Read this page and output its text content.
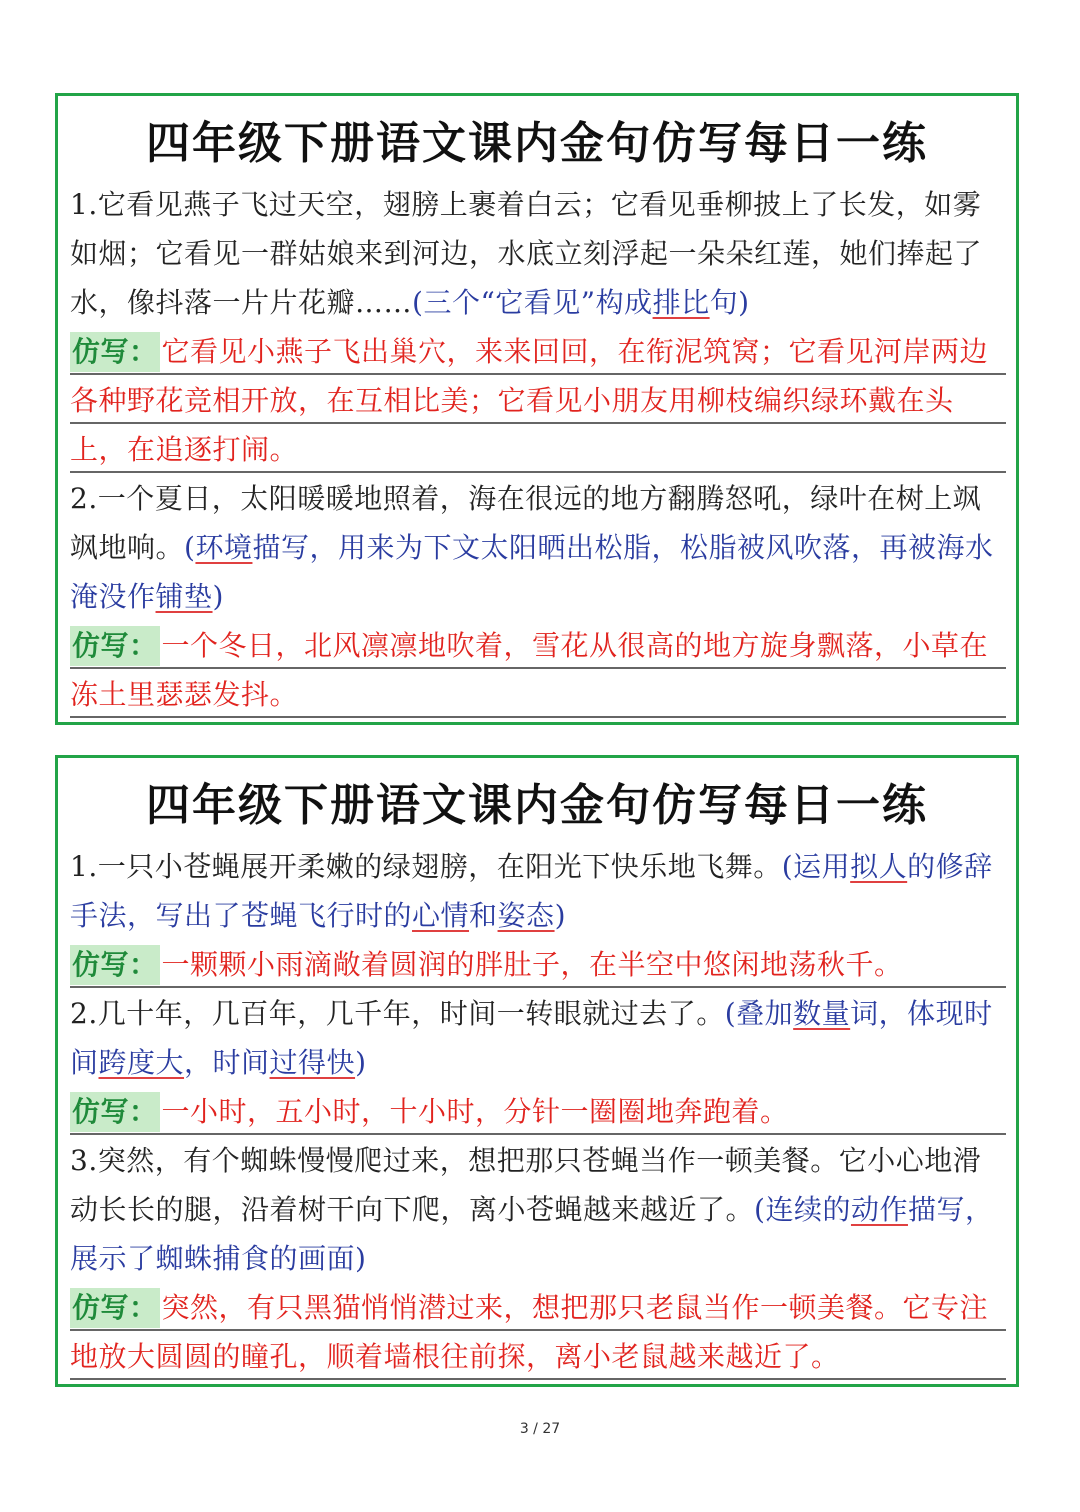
四年级下册语文课内金句仿写每日一练
1.它看见燕子飞过天空，翅膀上裹着白云；它看见垂柳披上了长发，如雾如烟；它看见一群姑娘来到河边，水底立刻浮起一朵朵红莲，她们捧起了水，像抖落一片片花瓣……(三个“它看见”构成排比句)
仿写： 它看见小燕子飞出巢穴，来来回回，在衔泥筑窝；它看见河岸两边各种野花竞相开放，在互相比美；它看见小朋友用柳枝编织绿环戴在头上，在追逐打闹。
2.一个夏日，太阳暖暖地照着，海在很远的地方翻腾怒吼，绿叶在树上飒飒地响。(环境描写，用来为下文太阳晒出松脂，松脂被风吹落，再被海水淹没作铺垫)
仿写： 一个冬日，北风凛凛地吹着，雪花从很高的地方旋身飘落，小草在冻土里瑟瑟发抖。
四年级下册语文课内金句仿写每日一练
1.一只小苍蝇展开柔嫩的绿翅膀，在阳光下快乐地飞舞。(运用拟人的修辞手法，写出了苍蝇飞行时的心情和姿态)
仿写： 一颗颗小雨滴敞着圆润的胖肚子，在半空中悠闲地荡秋千。
2.几十年，几百年，几千年，时间一转眼就过去了。(叠加数量词，体现时间跨度大，时间过得快)
仿写： 一小时，五小时，十小时，分针一圈圈地奔跑着。
3.突然，有个蜘蛛慢慢爬过来，想把那只苍蝇当作一顿美餐。它小心地滑动长长的腿，沿着树干向下爬，离小苍蝇越来越近了。(连续的动作描写，展示了蜘蛛捕食的画面)
仿写： 突然，有只黑猫悄悄潜过来，想把那只老鼠当作一顿美餐。它专注地放大圆圆的瞳孔，顺着墙根往前探，离小老鼠越来越近了。
3 / 27
